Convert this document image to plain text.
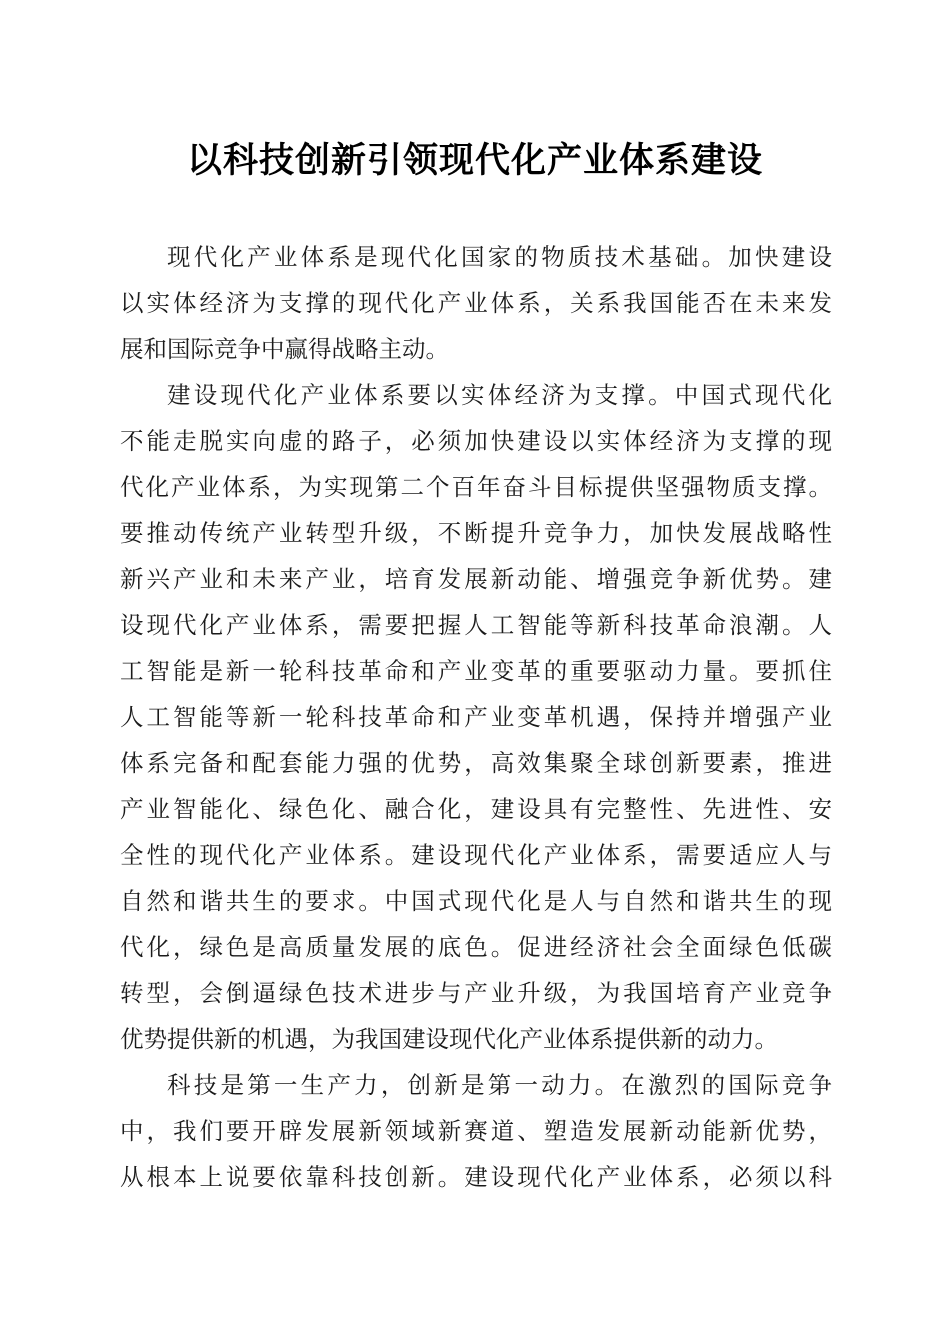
以科技创新引领现代化产业体系建设
现代化产业体系是现代化国家的物质技术基础。加快建设
以实体经济为支撑的现代化产业体系，关系我国能否在未来发
展和国际竞争中赢得战略主动。
建设现代化产业体系要以实体经济为支撑。中国式现代化
不能走脱实向虚的路子，必须加快建设以实体经济为支撑的现
代化产业体系，为实现第二个百年奋斗目标提供坚强物质支撑。
要推动传统产业转型升级，不断提升竞争力，加快发展战略性
新兴产业和未来产业，培育发展新动能、增强竞争新优势。建
设现代化产业体系，需要把握人工智能等新科技革命浪潮。人
工智能是新一轮科技革命和产业变革的重要驱动力量。要抓住
人工智能等新一轮科技革命和产业变革机遇，保持并增强产业
体系完备和配套能力强的优势，高效集聚全球创新要素，推进
产业智能化、绿色化、融合化，建设具有完整性、先进性、安
全性的现代化产业体系。建设现代化产业体系，需要适应人与
自然和谐共生的要求。中国式现代化是人与自然和谐共生的现
代化，绿色是高质量发展的底色。促进经济社会全面绿色低碳
转型，会倒逼绿色技术进步与产业升级，为我国培育产业竞争
优势提供新的机遇，为我国建设现代化产业体系提供新的动力。
科技是第一生产力，创新是第一动力。在激烈的国际竞争
中，我们要开辟发展新领域新赛道、塑造发展新动能新优势，
从根本上说要依靠科技创新。建设现代化产业体系，必须以科
